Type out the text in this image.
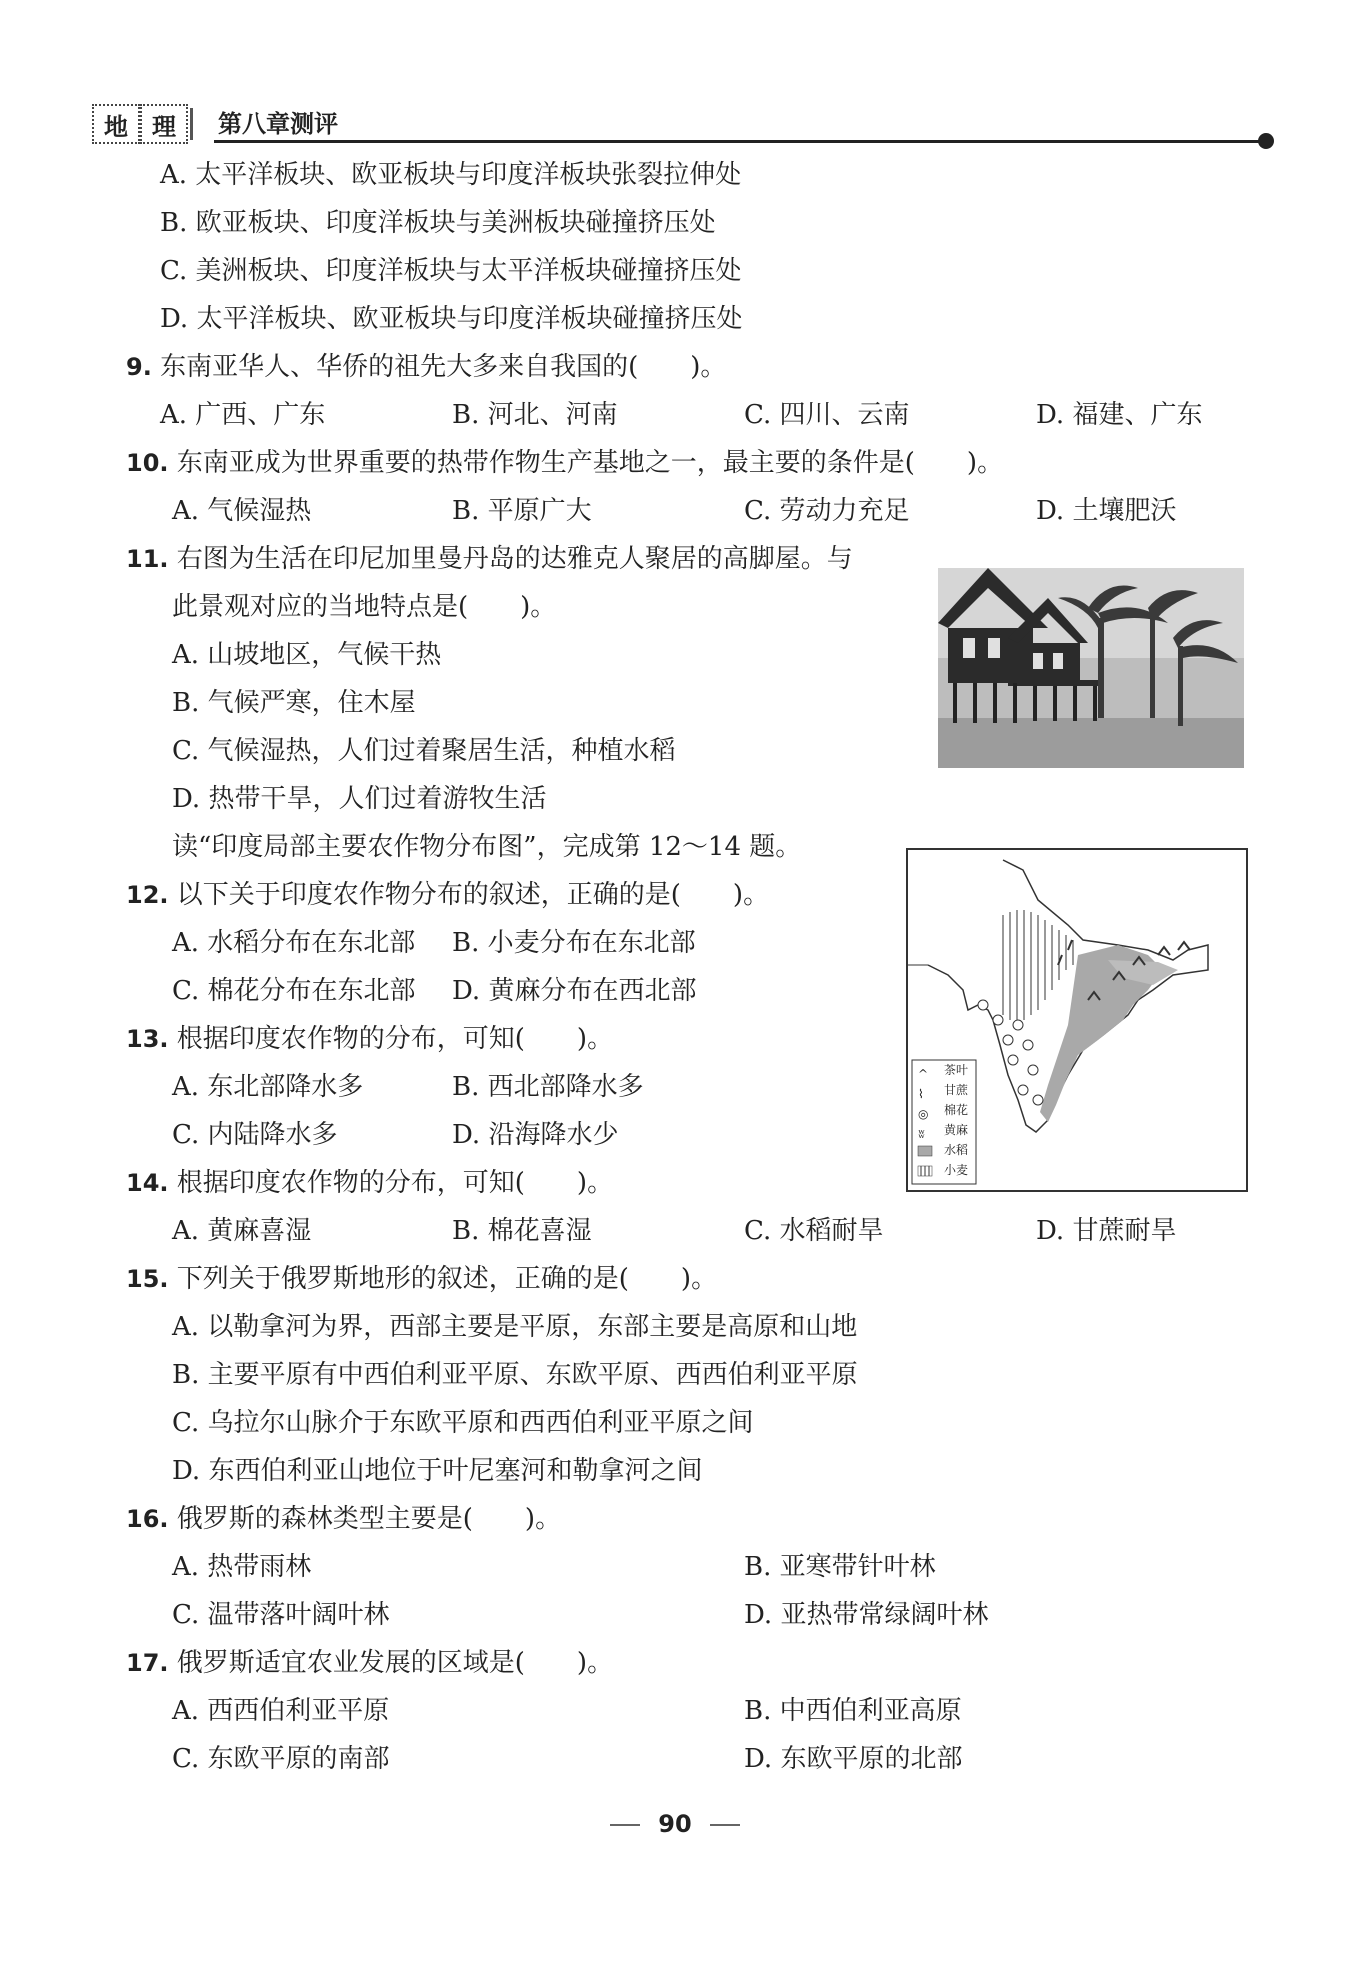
地 理 第八章测评
A. 太平洋板块、欧亚板块与印度洋板块张裂拉伸处
B. 欧亚板块、印度洋板块与美洲板块碰撞挤压处
C. 美洲板块、印度洋板块与太平洋板块碰撞挤压处
D. 太平洋板块、欧亚板块与印度洋板块碰撞挤压处
9. 东南亚华人、华侨的祖先大多来自我国的(　　)。
A. 广西、广东	B. 河北、河南	C. 四川、云南	D. 福建、广东
10. 东南亚成为世界重要的热带作物生产基地之一，最主要的条件是(　　)。
A. 气候湿热	B. 平原广大	C. 劳动力充足	D. 土壤肥沃
11. 右图为生活在印尼加里曼丹岛的达雅克人聚居的高脚屋。与
此景观对应的当地特点是(　　)。
A. 山坡地区，气候干热
B. 气候严寒，住木屋
C. 气候湿热，人们过着聚居生活，种植水稻
D. 热带干旱，人们过着游牧生活
读“印度局部主要农作物分布图”，完成第 12～14 题。
12. 以下关于印度农作物分布的叙述，正确的是(　　)。
A. 水稻分布在东北部 B. 小麦分布在东北部
C. 棉花分布在东北部 D. 黄麻分布在西北部
13. 根据印度农作物的分布，可知(　　)。
A. 东北部降水多	B. 西北部降水多
C. 内陆降水多	D. 沿海降水少
14. 根据印度农作物的分布，可知(　　)。
A. 黄麻喜湿	B. 棉花喜湿	C. 水稻耐旱	D. 甘蔗耐旱
15. 下列关于俄罗斯地形的叙述，正确的是(　　)。
A. 以勒拿河为界，西部主要是平原，东部主要是高原和山地
B. 主要平原有中西伯利亚平原、东欧平原、西西伯利亚平原
C. 乌拉尔山脉介于东欧平原和西西伯利亚平原之间
D. 东西伯利亚山地位于叶尼塞河和勒拿河之间
16. 俄罗斯的森林类型主要是(　　)。
A. 热带雨林	B. 亚寒带针叶林
C. 温带落叶阔叶林	D. 亚热带常绿阔叶林
17. 俄罗斯适宜农业发展的区域是(　　)。
A. 西西伯利亚平原	B. 中西伯利亚高原
C. 东欧平原的南部	D. 东欧平原的北部
^
⌇
◎
ʬ
茶叶
甘蔗
棉花
黄麻
水稻
小麦
90
